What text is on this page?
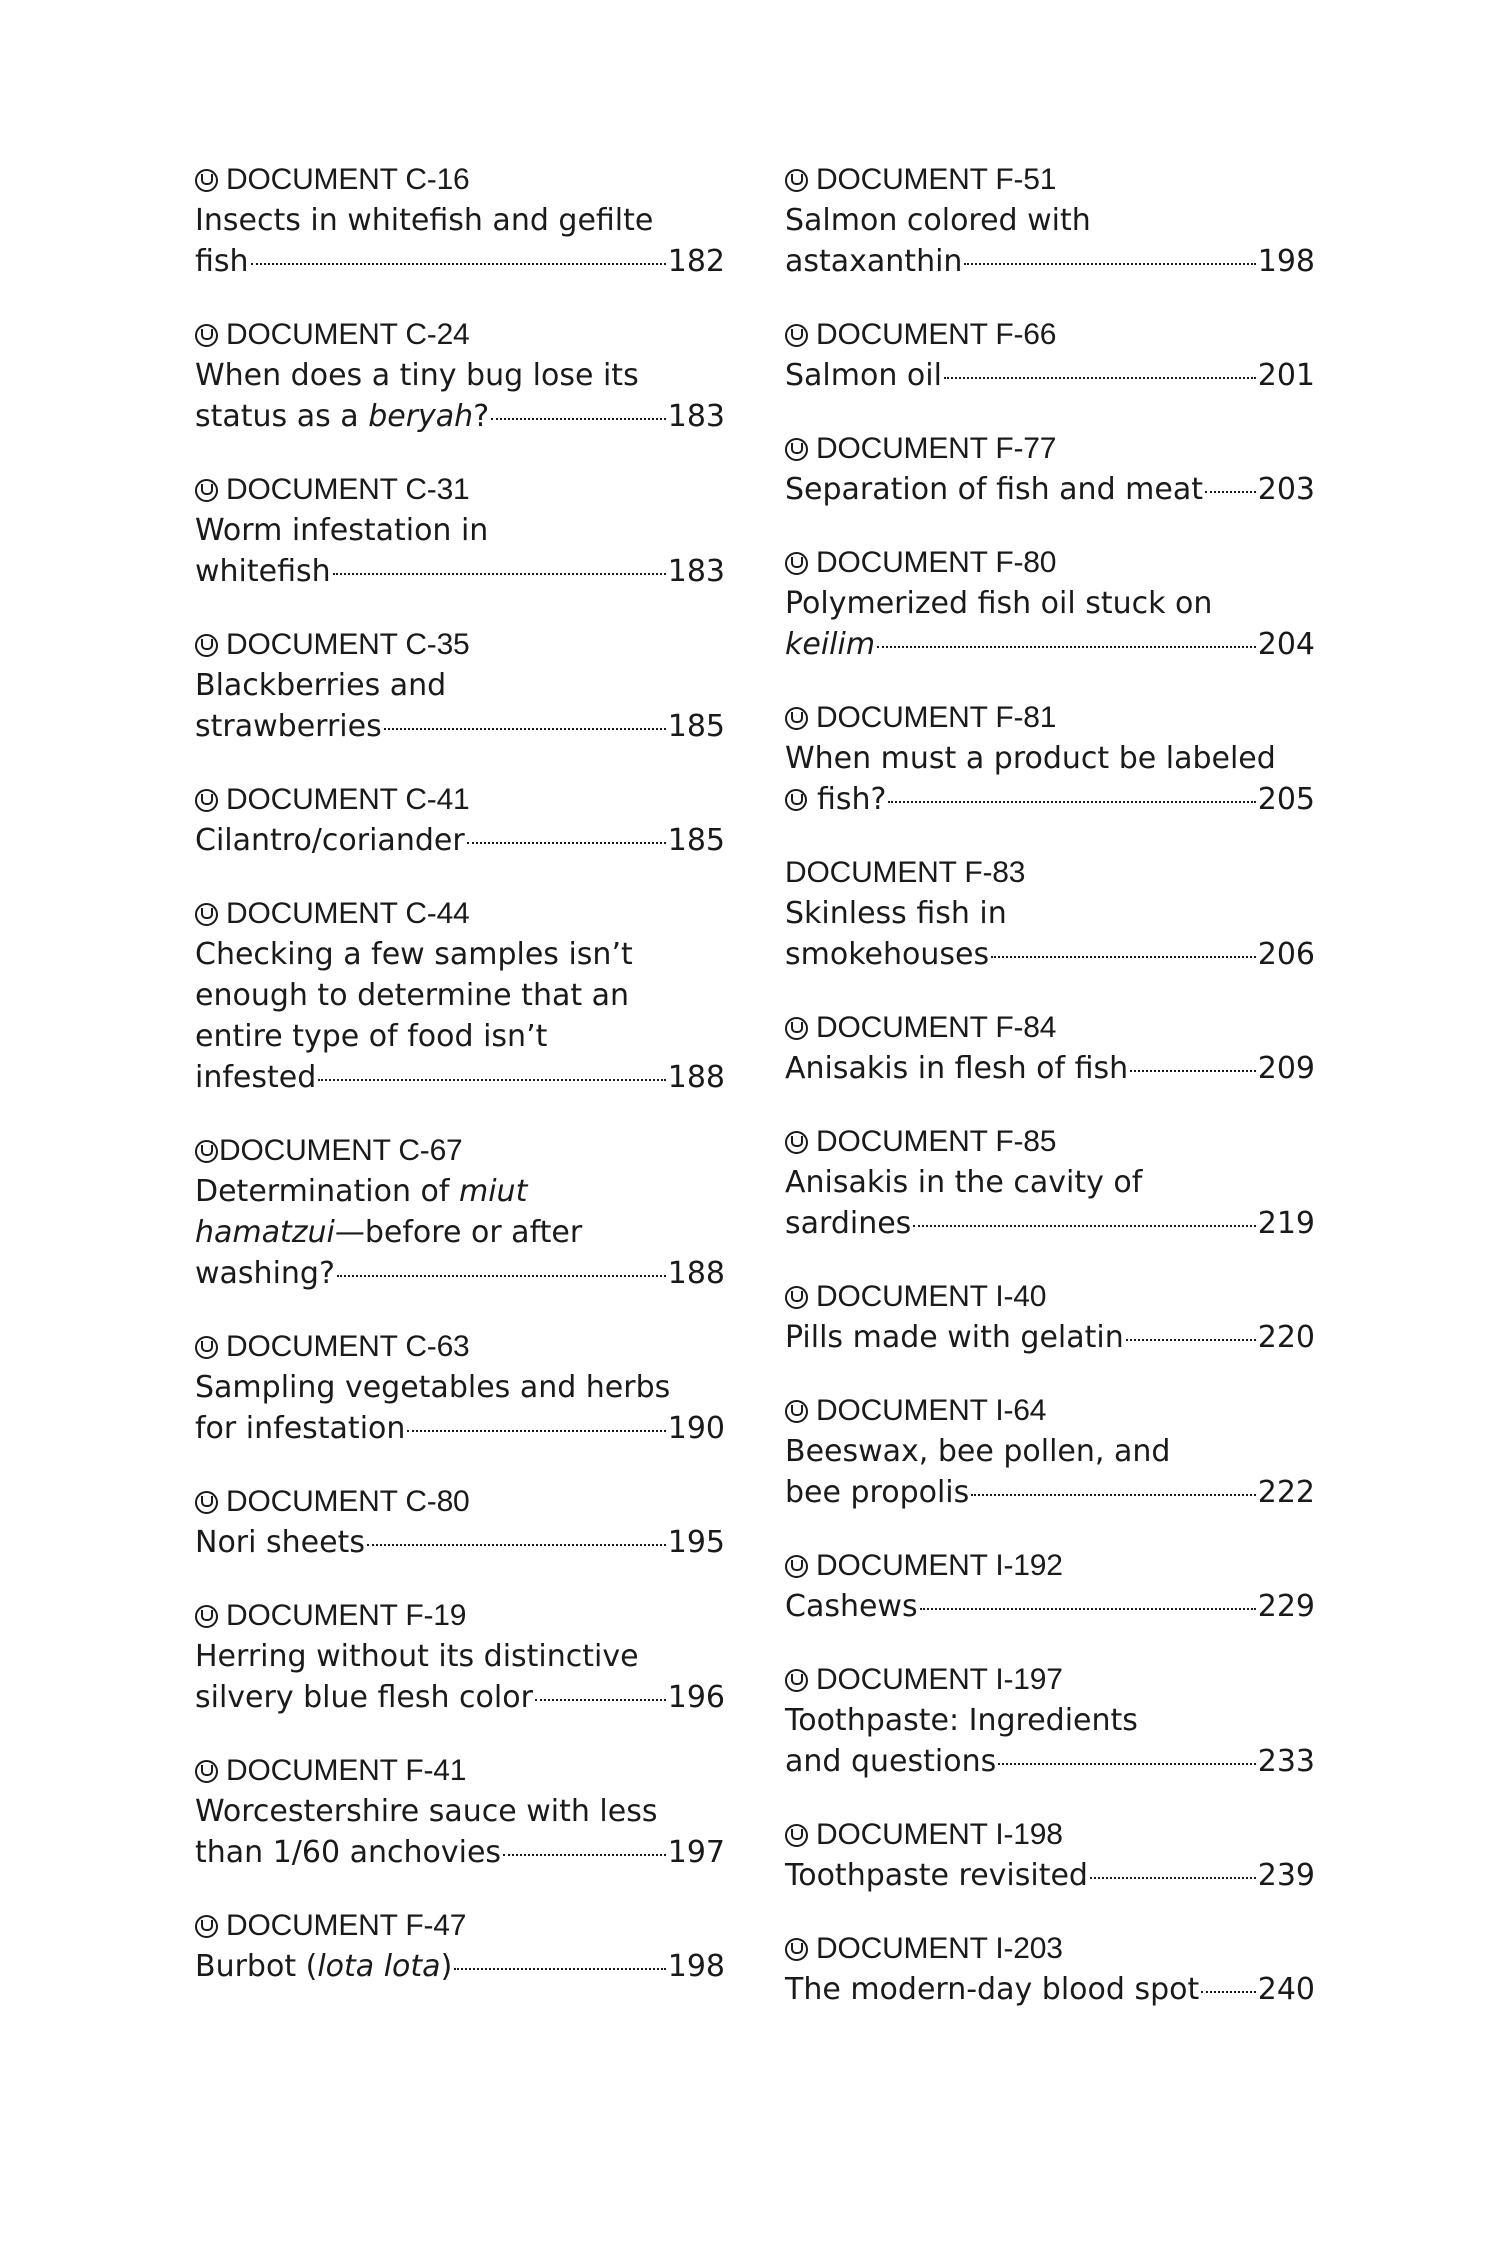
DOCUMENT C-16
Insects in whitefish and gefilte
fish	182
DOCUMENT C-24
When does a tiny bug lose its
status as a beryah?	183
DOCUMENT C-31
Worm infestation in
whitefish	183
DOCUMENT C-35
Blackberries and
strawberries	185
DOCUMENT C-41
Cilantro/coriander	185
DOCUMENT C-44
Checking a few samples isn’t
enough to determine that an
entire type of food isn’t
infested	188
DOCUMENT C-67
Determination of miut
hamatzui—before or after
washing?	188
DOCUMENT C-63
Sampling vegetables and herbs
for infestation	190
DOCUMENT C-80
Nori sheets	195
DOCUMENT F-19
Herring without its distinctive
silvery blue flesh color	196
DOCUMENT F-41
Worcestershire sauce with less
than 1/60 anchovies	197
DOCUMENT F-47
Burbot (lota lota)	198
DOCUMENT F-51
Salmon colored with
astaxanthin	198
DOCUMENT F-66
Salmon oil	201
DOCUMENT F-77
Separation of fish and meat 203
DOCUMENT F-80
Polymerized fish oil stuck on
keilim	204
DOCUMENT F-81
When must a product be labeled
fish?	205
DOCUMENT F-83
Skinless fish in
smokehouses	206
DOCUMENT F-84
Anisakis in flesh of fish	209
DOCUMENT F-85
Anisakis in the cavity of
sardines	219
DOCUMENT I-40
Pills made with gelatin	220
DOCUMENT I-64
Beeswax, bee pollen, and
bee propolis	222
DOCUMENT I-192
Cashews	229
DOCUMENT I-197
Toothpaste: Ingredients
and questions	233
DOCUMENT I-198
Toothpaste revisited	239
DOCUMENT I-203
The modern-day blood spot 240
